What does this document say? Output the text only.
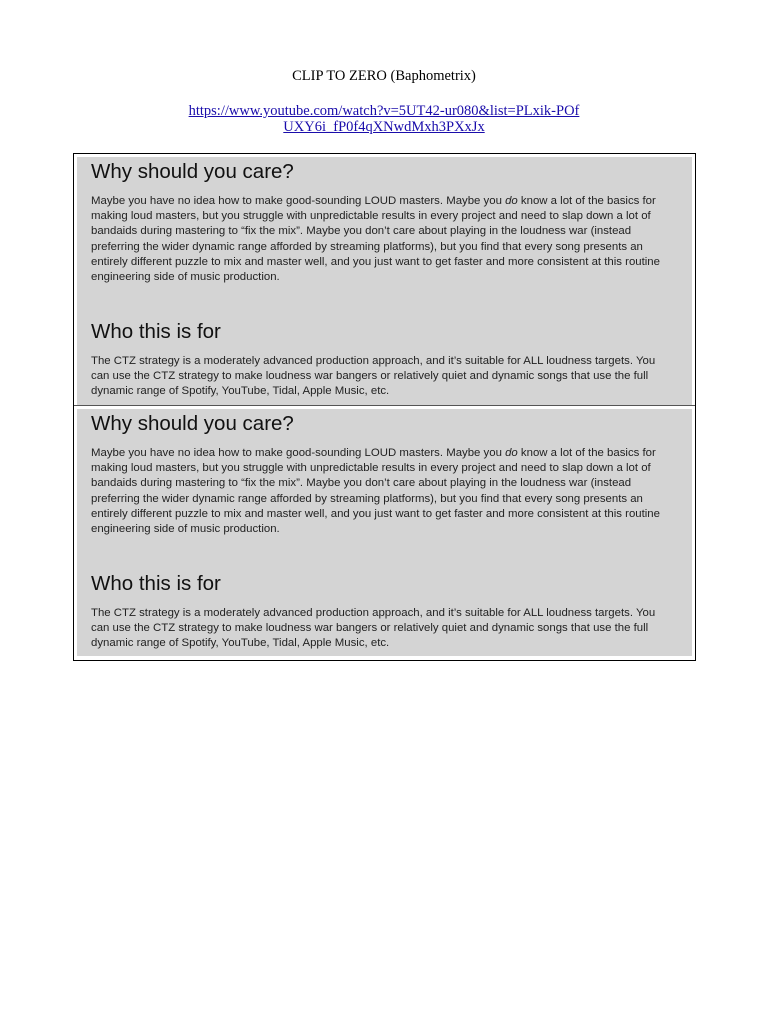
CLIP TO ZERO (Baphometrix)
https://www.youtube.com/watch?v=5UT42-ur080&list=PLxik-POfUXY6i_fP0f4qXNwdMxh3PXxJx
Why should you care?

Maybe you have no idea how to make good-sounding LOUD masters. Maybe you do know a lot of the basics for making loud masters, but you struggle with unpredictable results in every project and need to slap down a lot of bandaids during mastering to “fix the mix”. Maybe you don’t care about playing in the loudness war (instead preferring the wider dynamic range afforded by streaming platforms), but you find that every song presents an entirely different puzzle to mix and master well, and you just want to get faster and more consistent at this routine engineering side of music production.

Who this is for

The CTZ strategy is a moderately advanced production approach, and it’s suitable for ALL loudness targets. You can use the CTZ strategy to make loudness war bangers or relatively quiet and dynamic songs that use the full dynamic range of Spotify, YouTube, Tidal, Apple Music, etc.

Why should you care?

Maybe you have no idea how to make good-sounding LOUD masters. Maybe you do know a lot of the basics for making loud masters, but you struggle with unpredictable results in every project and need to slap down a lot of bandaids during mastering to “fix the mix”. Maybe you don’t care about playing in the loudness war (instead preferring the wider dynamic range afforded by streaming platforms), but you find that every song presents an entirely different puzzle to mix and master well, and you just want to get faster and more consistent at this routine engineering side of music production.

Who this is for

The CTZ strategy is a moderately advanced production approach, and it’s suitable for ALL loudness targets. You can use the CTZ strategy to make loudness war bangers or relatively quiet and dynamic songs that use the full dynamic range of Spotify, YouTube, Tidal, Apple Music, etc.
